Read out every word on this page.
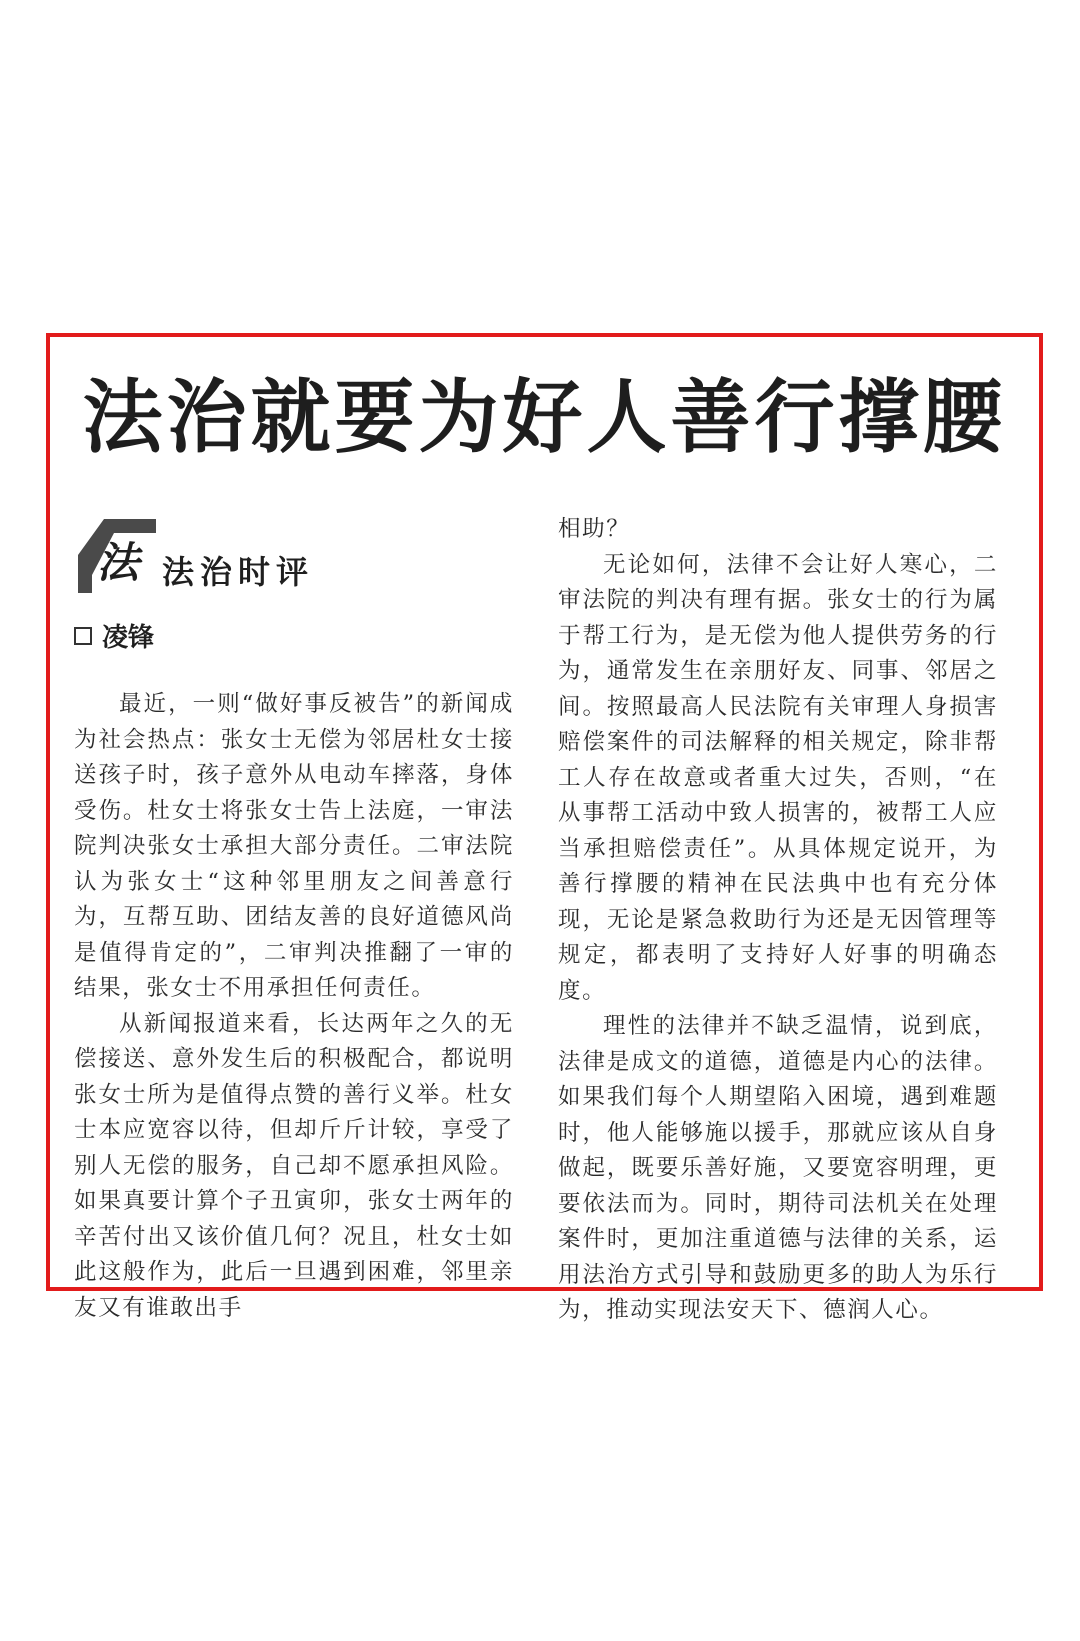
法治就要为好人善行撑腰
法 法治时评
凌锋

最近，一则“做好事反被告”的新闻成为社会热点：张女士无偿为邻居杜女士接送孩子时，孩子意外从电动车摔落，身体受伤。杜女士将张女士告上法庭，一审法院判决张女士承担大部分责任。二审法院认为张女士“这种邻里朋友之间善意行为，互帮互助、团结友善的良好道德风尚是值得肯定的”，二审判决推翻了一审的结果，张女士不用承担任何责任。

从新闻报道来看，长达两年之久的无偿接送、意外发生后的积极配合，都说明张女士所为是值得点赞的善行义举。杜女士本应宽容以待，但却斤斤计较，享受了别人无偿的服务，自己却不愿承担风险。如果真要计算个子丑寅卯，张女士两年的辛苦付出又该价值几何？况且，杜女士如此这般作为，此后一旦遇到困难，邻里亲友又有谁敢出手

相助？

无论如何，法律不会让好人寒心，二审法院的判决有理有据。张女士的行为属于帮工行为，是无偿为他人提供劳务的行为，通常发生在亲朋好友、同事、邻居之间。按照最高人民法院有关审理人身损害赔偿案件的司法解释的相关规定，除非帮工人存在故意或者重大过失，否则，“在从事帮工活动中致人损害的，被帮工人应当承担赔偿责任”。从具体规定说开，为善行撑腰的精神在民法典中也有充分体现，无论是紧急救助行为还是无因管理等规定，都表明了支持好人好事的明确态度。

理性的法律并不缺乏温情，说到底，法律是成文的道德，道德是内心的法律。如果我们每个人期望陷入困境，遇到难题时，他人能够施以援手，那就应该从自身做起，既要乐善好施，又要宽容明理，更要依法而为。同时，期待司法机关在处理案件时，更加注重道德与法律的关系，运用法治方式引导和鼓励更多的助人为乐行为，推动实现法安天下、德润人心。
